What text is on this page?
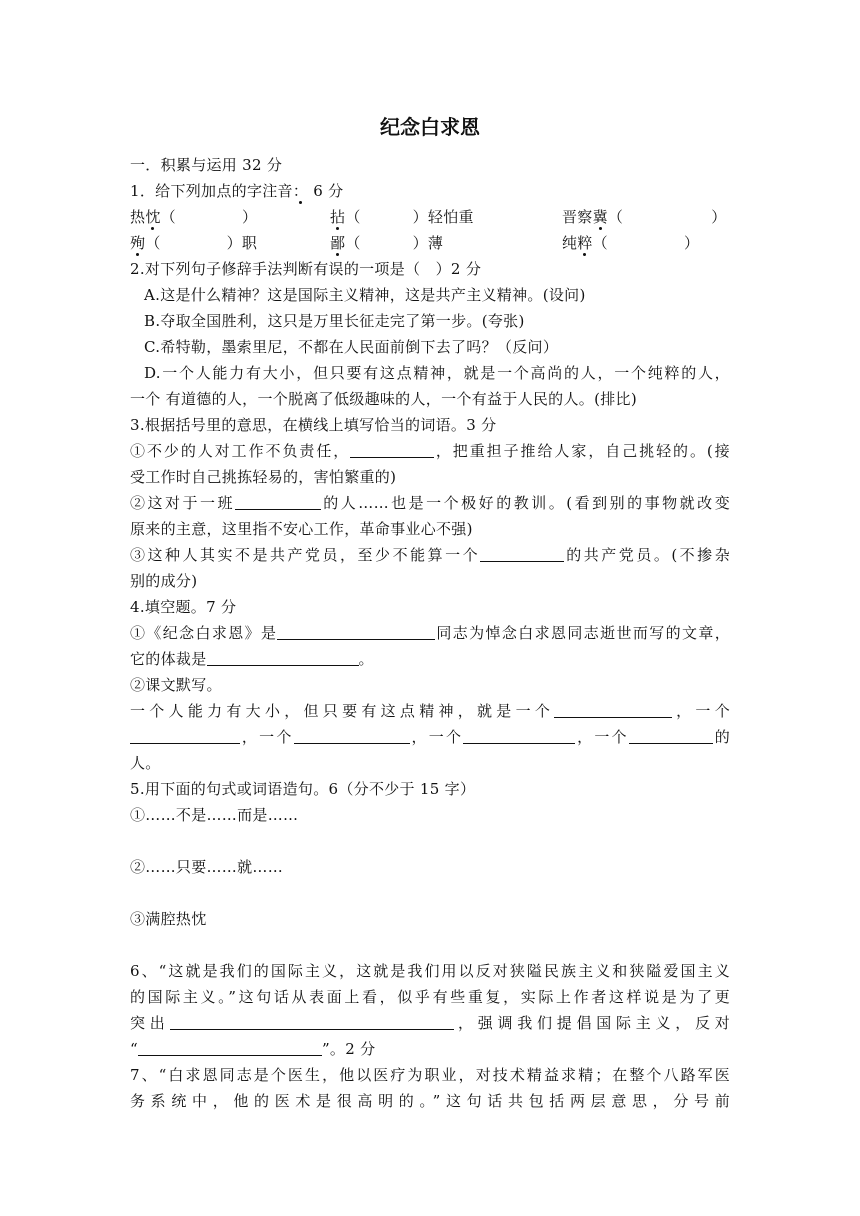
纪念白求恩
一．积累与运用 32 分
1．给下列加点的字注音： 6 分
热忱（	）	拈（	）轻怕重	晋察冀（	）
殉（	）职	鄙（	）薄	纯粹（	）
2.对下列句子修辞手法判断有误的一项是（　）2 分
A.这是什么精神？这是国际主义精神，这是共产主义精神。(设问)
B.夺取全国胜利，这只是万里长征走完了第一步。(夸张)
C.希特勒，墨索里尼，不都在人民面前倒下去了吗？（反问）
D.一个人能力有大小，但只要有这点精神，就是一个高尚的人，一个纯粹的人，
一个 有道德的人，一个脱离了低级趣味的人，一个有益于人民的人。(排比)
3.根据括号里的意思，在横线上填写恰当的词语。3 分
①不少的人对工作不负责任，	，把重担子推给人家，自己挑轻的。(接
受工作时自己挑拣轻易的，害怕繁重的)
②这对于一班	的人……也是一个极好的教训。(看到别的事物就改变
原来的主意，这里指不安心工作，革命事业心不强)
③这种人其实不是共产党员，至少不能算一个	的共产党员。(不掺杂
别的成分)
4.填空题。7 分
①《纪念白求恩》是	同志为悼念白求恩同志逝世而写的文章，
它的体裁是	。
②课文默写。
一个人能力有大小，但只要有这点精神，就是一个	，一个
，一个	，一个	，一个	的
人。
5.用下面的句式或词语造句。6（分不少于 15 字）
①……不是……而是……
②……只要……就……
③满腔热忱
6、“这就是我们的国际主义，这就是我们用以反对狭隘民族主义和狭隘爱国主义
的国际主义。”这句话从表面上看，似乎有些重复，实际上作者这样说是为了更
突出	，强调我们提倡国际主义，反对
“	”。2 分
7、“白求恩同志是个医生，他以医疗为职业，对技术精益求精；在整个八路军医
务系统中，他的医术是很高明的。”这句话共包括两层意思，分号前
